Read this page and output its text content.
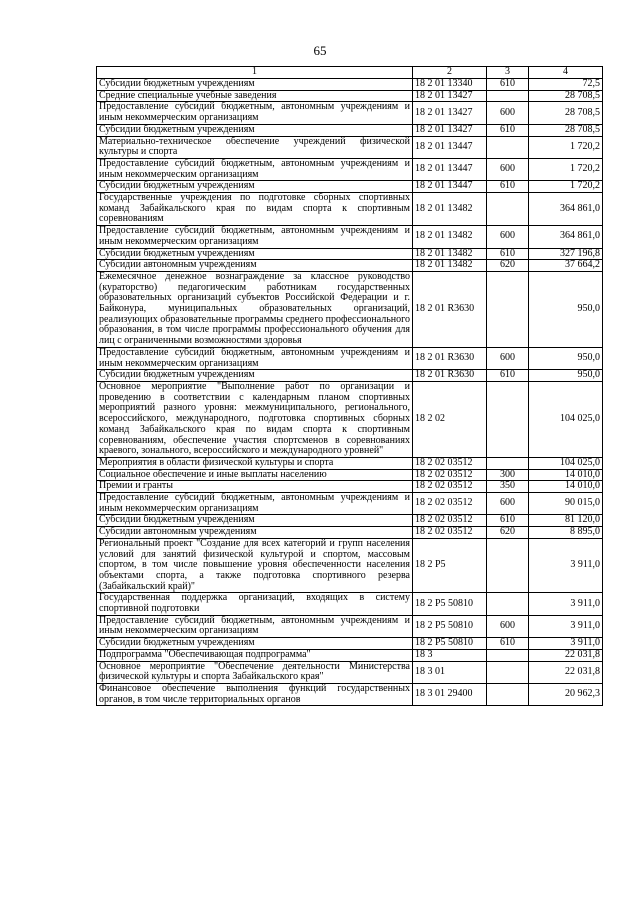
65
1	2	3	4
Субсидии бюджетным учреждениям	18 2 01 13340	610	72,5
Средние специальные учебные заведения	18 2 01 13427		28 708,5
Предоставление субсидий бюджетным, автономным учреждениям и иным некоммерческим организациям	18 2 01 13427	600	28 708,5
Субсидии бюджетным учреждениям	18 2 01 13427	610	28 708,5
Материально-техническое обеспечение учреждений физической культуры и спорта	18 2 01 13447		1 720,2
Предоставление субсидий бюджетным, автономным учреждениям и иным некоммерческим организациям	18 2 01 13447	600	1 720,2
Субсидии бюджетным учреждениям	18 2 01 13447	610	1 720,2
Государственные учреждения по подготовке сборных спортивных команд Забайкальского края по видам спорта к спортивным соревнованиям	18 2 01 13482		364 861,0
Предоставление субсидий бюджетным, автономным учреждениям и иным некоммерческим организациям	18 2 01 13482	600	364 861,0
Субсидии бюджетным учреждениям	18 2 01 13482	610	327 196,8
Субсидии автономным учреждениям	18 2 01 13482	620	37 664,2
Ежемесячное денежное вознаграждение за классное руководство (кураторство) педагогическим работникам государственных образовательных организаций субъектов Российской Федерации и г. Байконура, муниципальных образовательных организаций, реализующих образовательные программы среднего профессионального образования, в том числе программы профессионального обучения для лиц с ограниченными возможностями здоровья	18 2 01 R3630		950,0
Предоставление субсидий бюджетным, автономным учреждениям и иным некоммерческим организациям	18 2 01 R3630	600	950,0
Субсидии бюджетным учреждениям	18 2 01 R3630	610	950,0
Основное мероприятие "Выполнение работ по организации и проведению в соответствии с календарным планом спортивных мероприятий разного уровня: межмуниципального, регионального, всероссийского, международного, подготовка спортивных сборных команд Забайкальского края по видам спорта к спортивным соревнованиям, обеспечение участия спортсменов в соревнованиях краевого, зонального, всероссийского и международного уровней"	18 2 02		104 025,0
Мероприятия в области физической культуры и спорта	18 2 02 03512		104 025,0
Социальное обеспечение и иные выплаты населению	18 2 02 03512	300	14 010,0
Премии и гранты	18 2 02 03512	350	14 010,0
Предоставление субсидий бюджетным, автономным учреждениям и иным некоммерческим организациям	18 2 02 03512	600	90 015,0
Субсидии бюджетным учреждениям	18 2 02 03512	610	81 120,0
Субсидии автономным учреждениям	18 2 02 03512	620	8 895,0
Региональный проект "Создание для всех категорий и групп населения условий для занятий физической культурой и спортом, массовым спортом, в том числе повышение уровня обеспеченности населения объектами спорта, а также подготовка спортивного резерва (Забайкальский край)"	18 2 P5		3 911,0
Государственная поддержка организаций, входящих в систему спортивной подготовки	18 2 P5 50810		3 911,0
Предоставление субсидий бюджетным, автономным учреждениям и иным некоммерческим организациям	18 2 P5 50810	600	3 911,0
Субсидии бюджетным учреждениям	18 2 P5 50810	610	3 911,0
Подпрограмма "Обеспечивающая подпрограмма"	18 3		22 031,8
Основное мероприятие "Обеспечение деятельности Министерства физической культуры и спорта Забайкальского края"	18 3 01		22 031,8
Финансовое обеспечение выполнения функций государственных органов, в том числе территориальных органов	18 3 01 29400		20 962,3
